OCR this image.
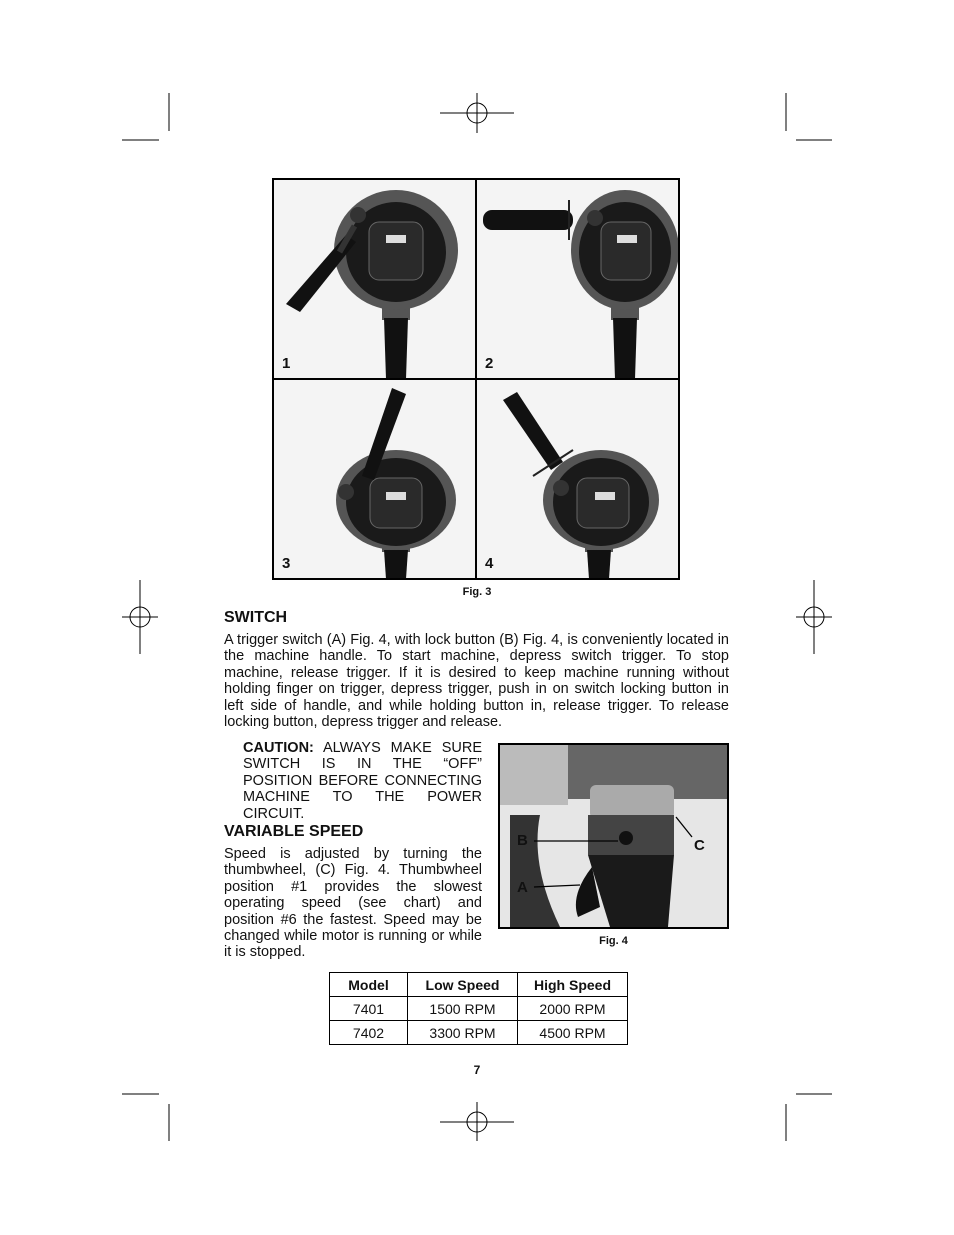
1	2
3	4
Fig. 3
SWITCH

A trigger switch (A) Fig. 4, with lock button (B) Fig. 4, is conveniently located in the machine handle. To start machine, depress switch trigger. To stop machine, release trigger. If it is desired to keep machine running without holding finger on trigger, depress trigger, push in on switch locking button in left side of handle, and while holding button in, release trigger. To release locking button, depress trigger and release.

CAUTION: ALWAYS MAKE SURE SWITCH IS IN THE “OFF” POSITION BEFORE CONNECTING MACHINE TO THE POWER CIRCUIT.

VARIABLE SPEED

Speed is adjusted by turning the thumbwheel, (C) Fig. 4. Thumbwheel position #1 provides the slowest operating speed (see chart) and position #6 the fastest. Speed may be changed while motor is running or while it is stopped.

B
A
C
Fig. 4
Model	Low Speed	High Speed
7401	1500 RPM	2000 RPM
7402	3300 RPM	4500 RPM
7
